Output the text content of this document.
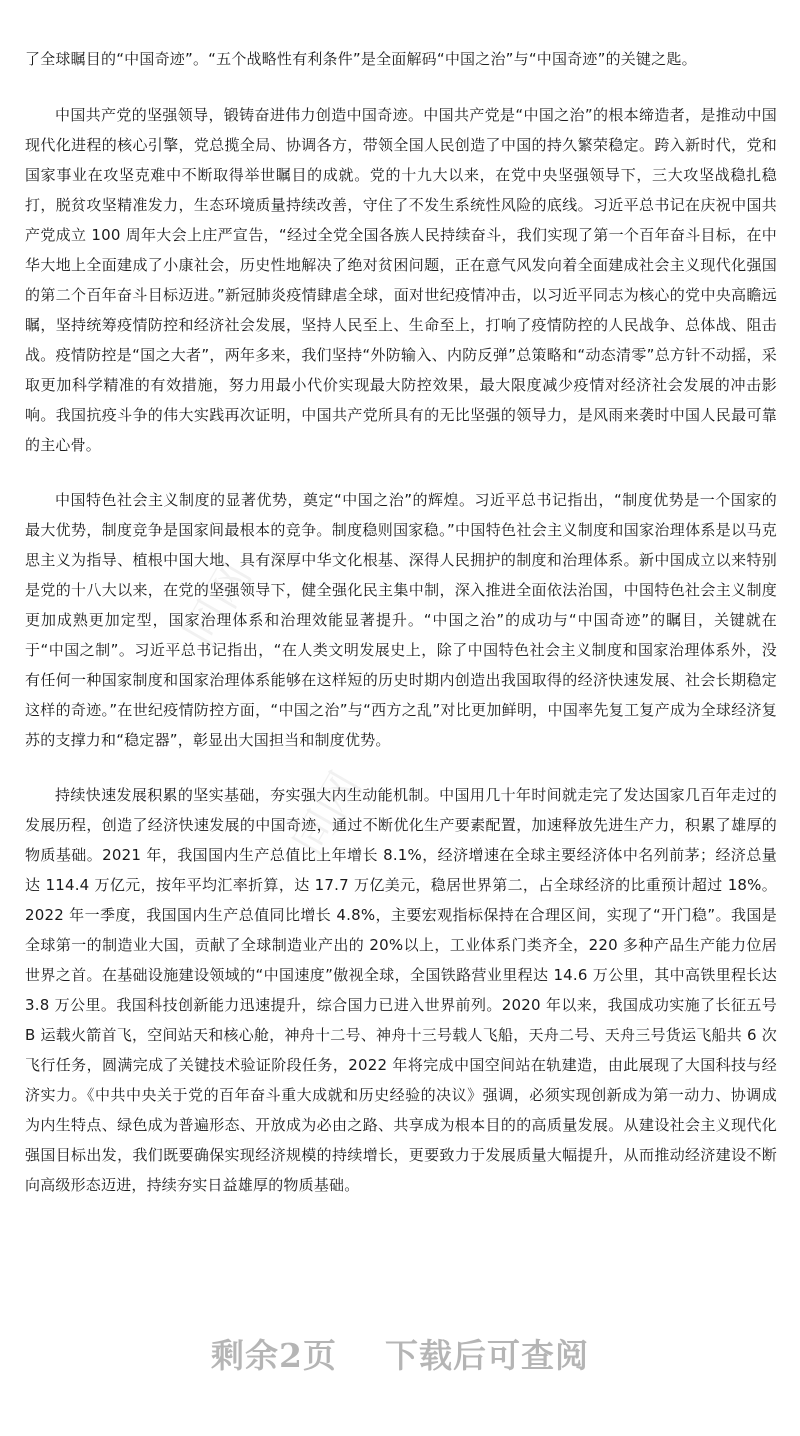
同网
同网

了全球瞩目的“中国奇迹”。“五个战略性有利条件”是全面解码“中国之治”与“中国奇迹”的关键之匙。

中国共产党的坚强领导，锻铸奋进伟力创造中国奇迹。中国共产党是“中国之治”的根本缔造者，是推动中国现代化进程的核心引擎，党总揽全局、协调各方，带领全国人民创造了中国的持久繁荣稳定。跨入新时代，党和国家事业在攻坚克难中不断取得举世瞩目的成就。党的十九大以来，在党中央坚强领导下，三大攻坚战稳扎稳打，脱贫攻坚精准发力，生态环境质量持续改善，守住了不发生系统性风险的底线。习近平总书记在庆祝中国共产党成立 100 周年大会上庄严宣告，“经过全党全国各族人民持续奋斗，我们实现了第一个百年奋斗目标，在中华大地上全面建成了小康社会，历史性地解决了绝对贫困问题，正在意气风发向着全面建成社会主义现代化强国的第二个百年奋斗目标迈进。”新冠肺炎疫情肆虐全球，面对世纪疫情冲击，以习近平同志为核心的党中央高瞻远瞩，坚持统筹疫情防控和经济社会发展，坚持人民至上、生命至上，打响了疫情防控的人民战争、总体战、阻击战。疫情防控是“国之大者”，两年多来，我们坚持“外防输入、内防反弹”总策略和“动态清零”总方针不动摇，采取更加科学精准的有效措施，努力用最小代价实现最大防控效果，最大限度减少疫情对经济社会发展的冲击影响。我国抗疫斗争的伟大实践再次证明，中国共产党所具有的无比坚强的领导力，是风雨来袭时中国人民最可靠的主心骨。

中国特色社会主义制度的显著优势，奠定“中国之治”的辉煌。习近平总书记指出，“制度优势是一个国家的最大优势，制度竞争是国家间最根本的竞争。制度稳则国家稳。”中国特色社会主义制度和国家治理体系是以马克思主义为指导、植根中国大地、具有深厚中华文化根基、深得人民拥护的制度和治理体系。新中国成立以来特别是党的十八大以来，在党的坚强领导下，健全强化民主集中制，深入推进全面依法治国，中国特色社会主义制度更加成熟更加定型，国家治理体系和治理效能显著提升。“中国之治”的成功与“中国奇迹”的瞩目，关键就在于“中国之制”。习近平总书记指出，“在人类文明发展史上，除了中国特色社会主义制度和国家治理体系外，没有任何一种国家制度和国家治理体系能够在这样短的历史时期内创造出我国取得的经济快速发展、社会长期稳定这样的奇迹。”在世纪疫情防控方面，“中国之治”与“西方之乱”对比更加鲜明，中国率先复工复产成为全球经济复苏的支撑力和“稳定器”，彰显出大国担当和制度优势。

持续快速发展积累的坚实基础，夯实强大内生动能机制。中国用几十年时间就走完了发达国家几百年走过的发展历程，创造了经济快速发展的中国奇迹，通过不断优化生产要素配置，加速释放先进生产力，积累了雄厚的物质基础。2021 年，我国国内生产总值比上年增长 8.1%，经济增速在全球主要经济体中名列前茅；经济总量达 114.4 万亿元，按年平均汇率折算，达 17.7 万亿美元，稳居世界第二，占全球经济的比重预计超过 18%。2022 年一季度，我国国内生产总值同比增长 4.8%，主要宏观指标保持在合理区间，实现了“开门稳”。我国是全球第一的制造业大国，贡献了全球制造业产出的 20%以上，工业体系门类齐全，220 多种产品生产能力位居世界之首。在基础设施建设领域的“中国速度”傲视全球，全国铁路营业里程达 14.6 万公里，其中高铁里程长达 3.8 万公里。我国科技创新能力迅速提升，综合国力已进入世界前列。2020 年以来，我国成功实施了长征五号 B 运载火箭首飞，空间站天和核心舱，神舟十二号、神舟十三号载人飞船，天舟二号、天舟三号货运飞船共 6 次飞行任务，圆满完成了关键技术验证阶段任务，2022 年将完成中国空间站在轨建造，由此展现了大国科技与经济实力。《中共中央关于党的百年奋斗重大成就和历史经验的决议》强调，必须实现创新成为第一动力、协调成为内生特点、绿色成为普遍形态、开放成为必由之路、共享成为根本目的的高质量发展。从建设社会主义现代化强国目标出发，我们既要确保实现经济规模的持续增长，更要致力于发展质量大幅提升，从而推动经济建设不断向高级形态迈进，持续夯实日益雄厚的物质基础。

剩余2页 下载后可查阅
